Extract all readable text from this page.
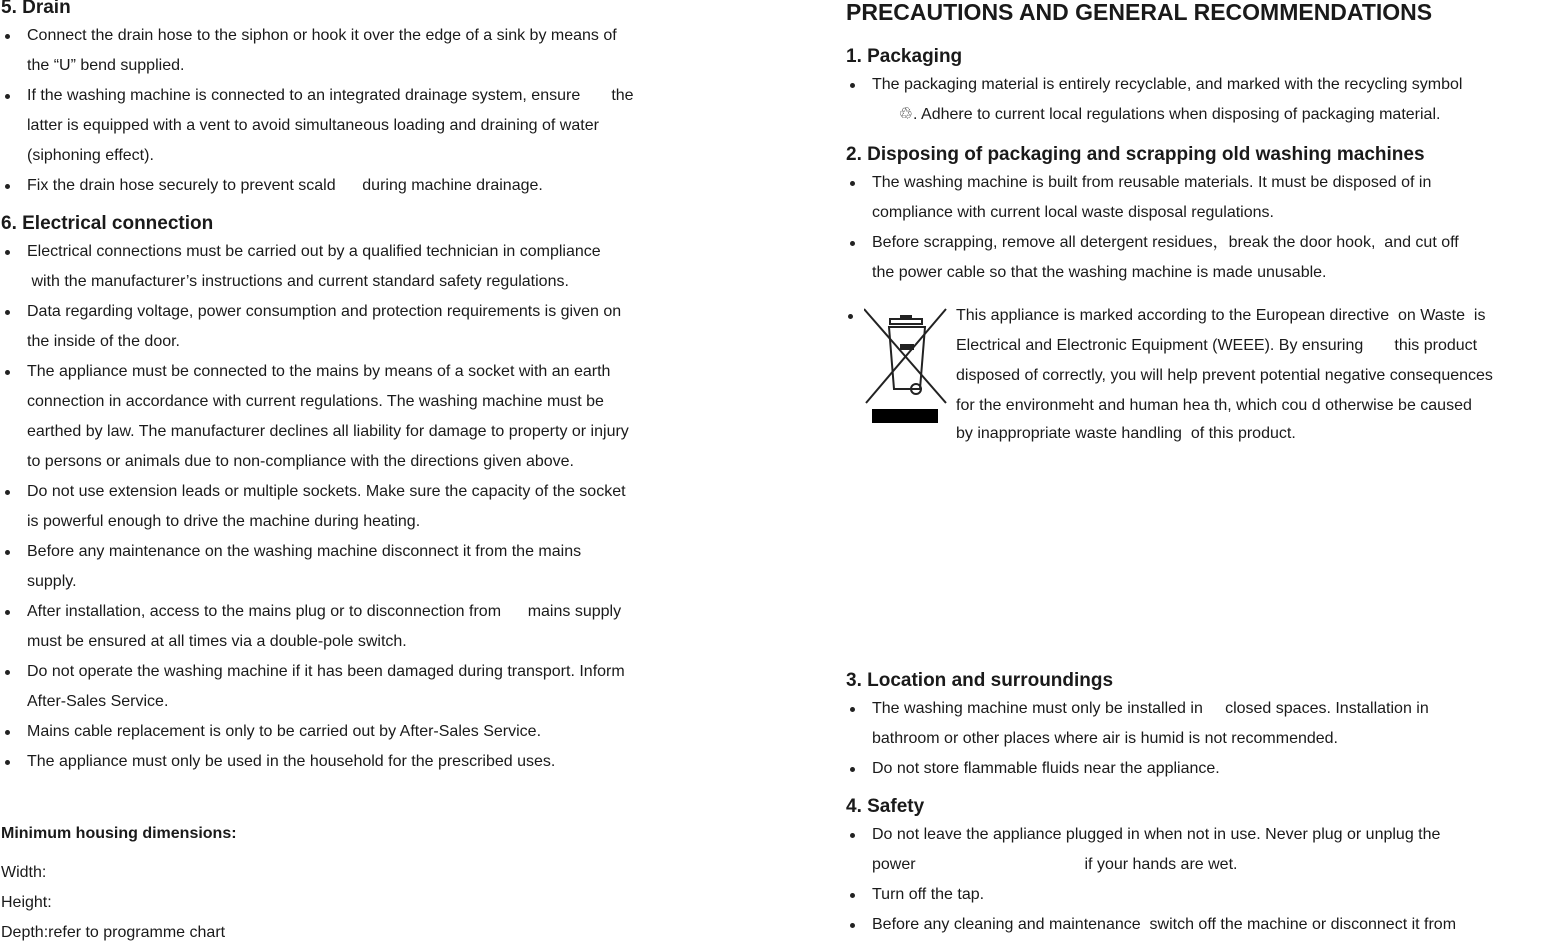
5. Drain
Connect the drain hose to the siphon or hook it over the edge of a sink by means of
the “U” bend supplied.
If the washing machine is connected to an integrated drainage system, ensure       the
latter is equipped with a vent to avoid simultaneous loading and draining of water
(siphoning effect).
Fix the drain hose securely to prevent scald      during machine drainage.
6. Electrical connection
Electrical connections must be carried out by a qualified technician in compliance
with the manufacturer’s instructions and current standard safety regulations.
Data regarding voltage, power consumption and protection requirements is given on
the inside of the door.
The appliance must be connected to the mains by means of a socket with an earth
connection in accordance with current regulations. The washing machine must be
earthed by law. The manufacturer declines all liability for damage to property or injury
to persons or animals due to non-compliance with the directions given above.
Do not use extension leads or multiple sockets. Make sure the capacity of the socket
is powerful enough to drive the machine during heating.
Before any maintenance on the washing machine disconnect it from the mains
supply.
After installation, access to the mains plug or to disconnection from      mains supply
must be ensured at all times via a double-pole switch.
Do not operate the washing machine if it has been damaged during transport. Inform
After-Sales Service.
Mains cable replacement is only to be carried out by After-Sales Service.
The appliance must only be used in the household for the prescribed uses.
Minimum housing dimensions:
Width:
Height:
Depth:refer to programme chart
PRECAUTIONS AND GENERAL RECOMMENDATIONS
1. Packaging
The packaging material is entirely recyclable, and marked with the recycling symbol
♲. Adhere to current local regulations when disposing of packaging material.
2. Disposing of packaging and scrapping old washing machines
The washing machine is built from reusable materials. It must be disposed of in
compliance with current local waste disposal regulations.
Before scrapping, remove all detergent residues，break the door hook,  and cut off
the power cable so that the washing machine is made unusable.
3. Location and surroundings
The washing machine must only be installed in     closed spaces. Installation in
bathroom or other places where air is humid is not recommended.
Do not store flammable fluids near the appliance.
4. Safety
Do not leave the appliance plugged in when not in use. Never plug or unplug the
power                                      if your hands are wet.
Turn off the tap.
Before any cleaning and maintenance  switch off the machine or disconnect it from
This appliance is marked according to the European directive  on Waste  is
Electrical and Electronic Equipment (WEEE). By ensuring       this product
disposed of correctly, you will help prevent potential negative consequences
for the environmeht and human hea th, which cou d otherwise be caused
by inappropriate waste handling  of this product.
